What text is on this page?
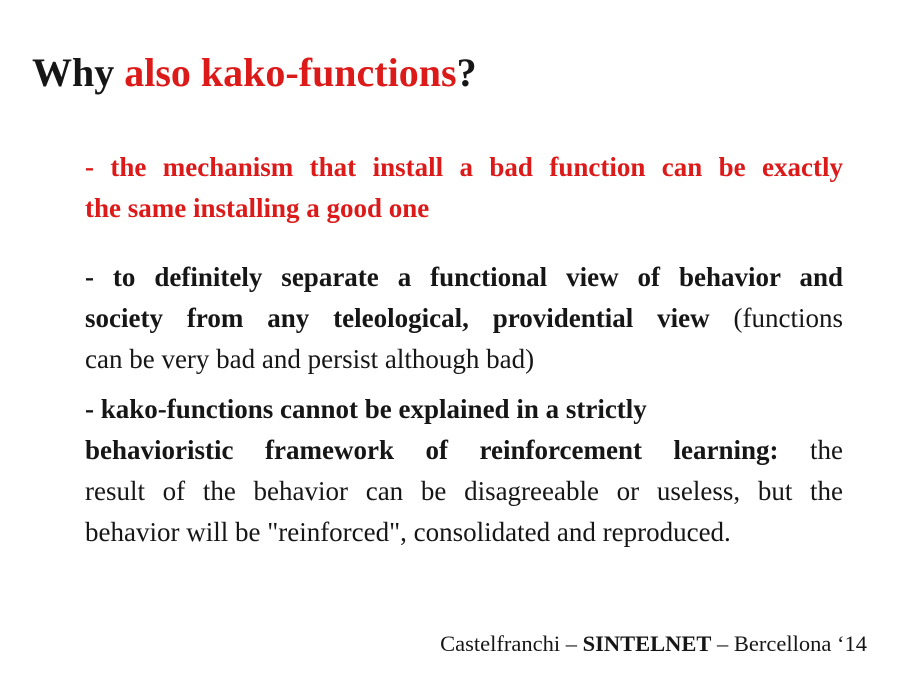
Why also kako-functions?
- the mechanism that install a bad function can be exactly
the same installing a good one
- to definitely separate a functional view of behavior and
society from any teleological, providential view (functions
can be very bad and persist although bad)
- kako-functions cannot be explained in a strictly
behavioristic framework of reinforcement learning: the
result of the behavior can be disagreeable or useless, but the
behavior will be "reinforced", consolidated and reproduced.
Castelfranchi – SINTELNET – Bercellona ‘14
